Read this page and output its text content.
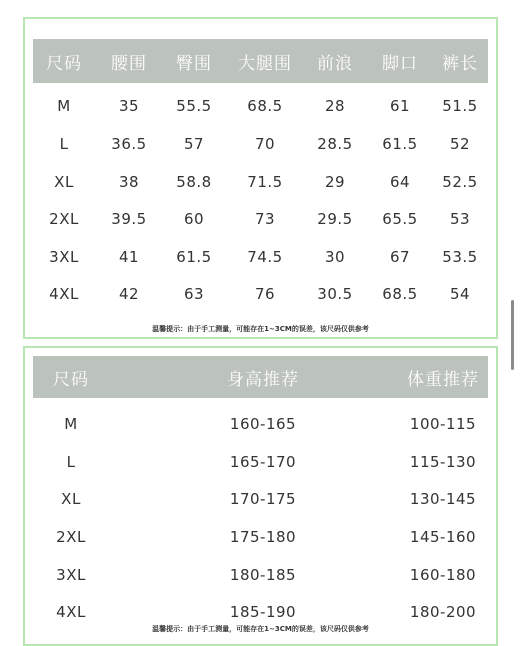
尺码	腰围	臀围	大腿围	前浪	脚口	裤长
M	35	55.5	68.5	28	61	51.5
L	36.5	57	70	28.5	61.5	52
XL	38	58.8	71.5	29	64	52.5
2XL	39.5	60	73	29.5	65.5	53
3XL	41	61.5	74.5	30	67	53.5
4XL	42	63	76	30.5	68.5	54
温馨提示：由于手工测量，可能存在1~3CM的误差，该尺码仅供参考
尺码	身高推荐	体重推荐
M	160-165	100-115
L	165-170	115-130
XL	170-175	130-145
2XL	175-180	145-160
3XL	180-185	160-180
4XL	185-190	180-200
温馨提示：由于手工测量，可能存在1~3CM的误差，该尺码仅供参考
